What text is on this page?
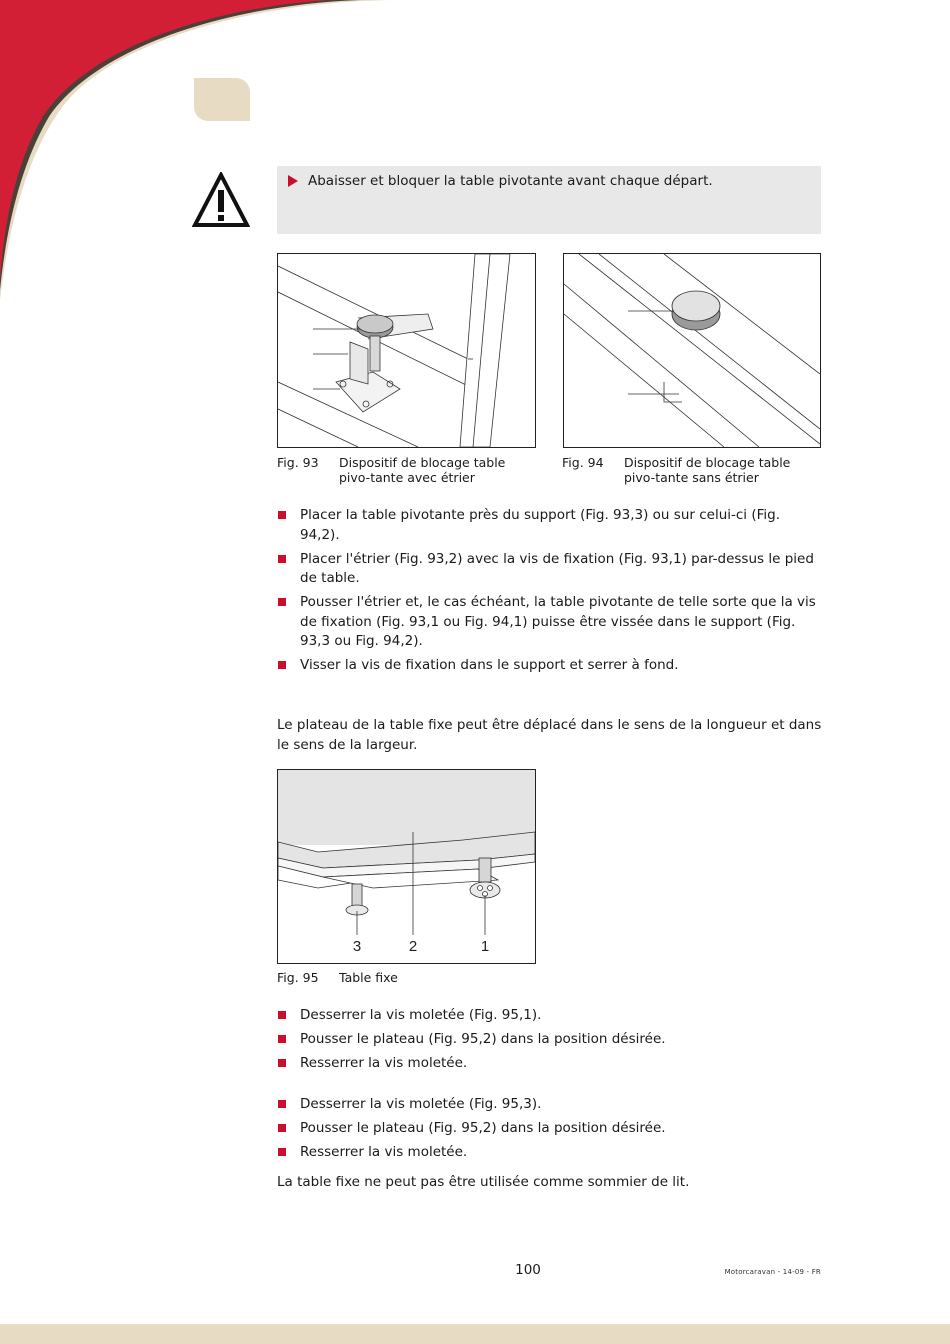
Abaisser et bloquer la table pivotante avant chaque départ.
Fig. 93	Dispositif de blocage table pivo-tante avec étrier
Fig. 94	Dispositif de blocage table pivo-tante sans étrier
Placer la table pivotante près du support (Fig. 93,3) ou sur celui-ci (Fig. 94,2).
Placer l'étrier (Fig. 93,2) avec la vis de fixation (Fig. 93,1) par-dessus le pied de table.
Pousser l'étrier et, le cas échéant, la table pivotante de telle sorte que la vis de fixation (Fig. 93,1 ou Fig. 94,1) puisse être vissée dans le support (Fig. 93,3 ou Fig. 94,2).
Visser la vis de fixation dans le support et serrer à fond.

Le plateau de la table fixe peut être déplacé dans le sens de la longueur et dans le sens de la largeur.

3	2	1
Fig. 95	Table fixe
Desserrer la vis moletée (Fig. 95,1).
Pousser le plateau (Fig. 95,2) dans la position désirée.
Resserrer la vis moletée.
Desserrer la vis moletée (Fig. 95,3).
Pousser le plateau (Fig. 95,2) dans la position désirée.
Resserrer la vis moletée.

La table fixe ne peut pas être utilisée comme sommier de lit.

100	Motorcaravan - 14-09 - FR
